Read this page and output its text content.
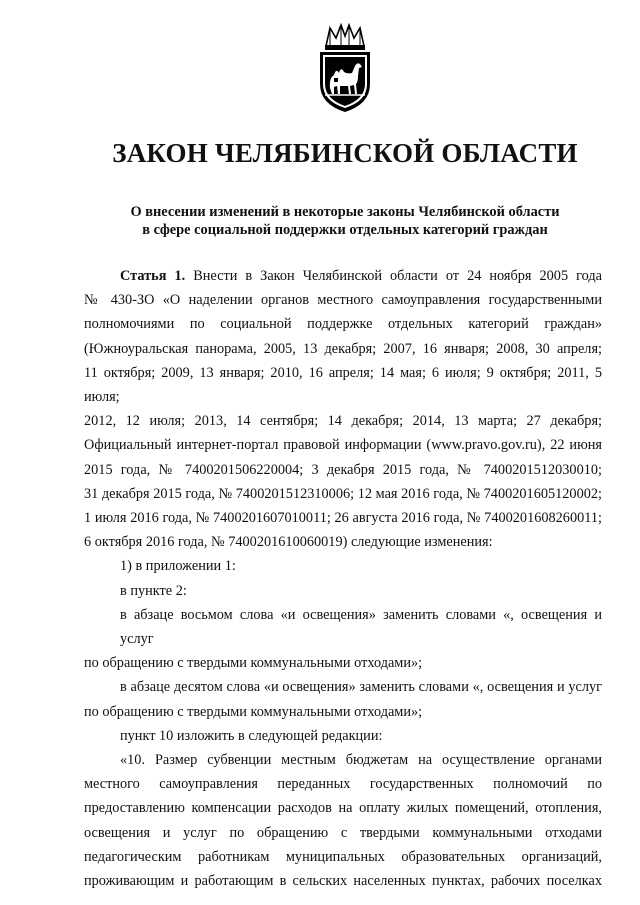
ЗАКОН ЧЕЛЯБИНСКОЙ ОБЛАСТИ
О внесении изменений в некоторые законы Челябинской области
в сфере социальной поддержки отдельных категорий граждан
Статья 1. Внести в Закон Челябинской области от 24 ноября 2005 года
№ 430-ЗО «О наделении органов местного самоуправления государственными
полномочиями по социальной поддержке отдельных категорий граждан»
(Южноуральская панорама, 2005, 13 декабря; 2007, 16 января; 2008, 30 апреля;
11 октября; 2009, 13 января; 2010, 16 апреля; 14 мая; 6 июля; 9 октября; 2011, 5 июля;
2012, 12 июля; 2013, 14 сентября; 14 декабря; 2014, 13 марта; 27 декабря;
Официальный интернет-портал правовой информации (www.pravo.gov.ru), 22 июня
2015 года, № 7400201506220004; 3 декабря 2015 года, № 7400201512030010;
31 декабря 2015 года, № 7400201512310006; 12 мая 2016 года, № 7400201605120002;
1 июля 2016 года, № 7400201607010011; 26 августа 2016 года, № 7400201608260011;
6 октября 2016 года, № 7400201610060019) следующие изменения:
1) в приложении 1:
в пункте 2:
в абзаце восьмом слова «и освещения» заменить словами «, освещения и услуг
по обращению с твердыми коммунальными отходами»;
в абзаце десятом слова «и освещения» заменить словами «, освещения и услуг
по обращению с твердыми коммунальными отходами»;
пункт 10 изложить в следующей редакции:
«10. Размер субвенции местным бюджетам на осуществление органами
местного самоуправления переданных государственных полномочий по
предоставлению компенсации расходов на оплату жилых помещений, отопления,
освещения и услуг по обращению с твердыми коммунальными отходами
педагогическим работникам муниципальных образовательных организаций,
проживающим и работающим в сельских населенных пунктах, рабочих поселках
